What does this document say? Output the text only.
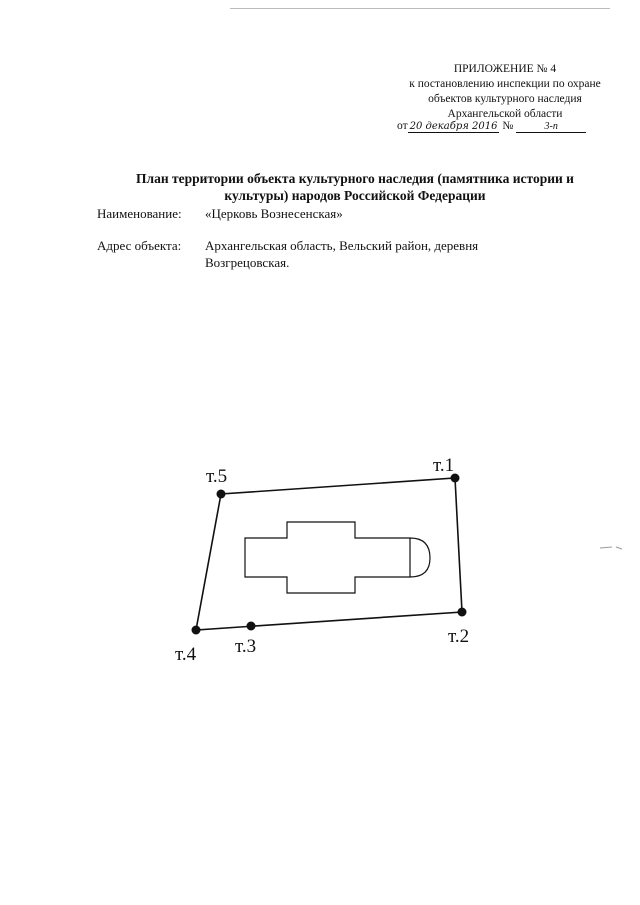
ПРИЛОЖЕНИЕ № 4
к постановлению инспекции по охране
объектов культурного наследия
Архангельской области
от 20 декабря 2016 №	3-п
План территории объекта культурного наследия (памятника истории и
культуры) народов Российской Федерации
Наименование: «Церковь Вознесенская»
Адрес объекта: Архангельская область, Вельский район, деревня
Возгрецовская.
т.1
т.2
т.3
т.4
т.5
